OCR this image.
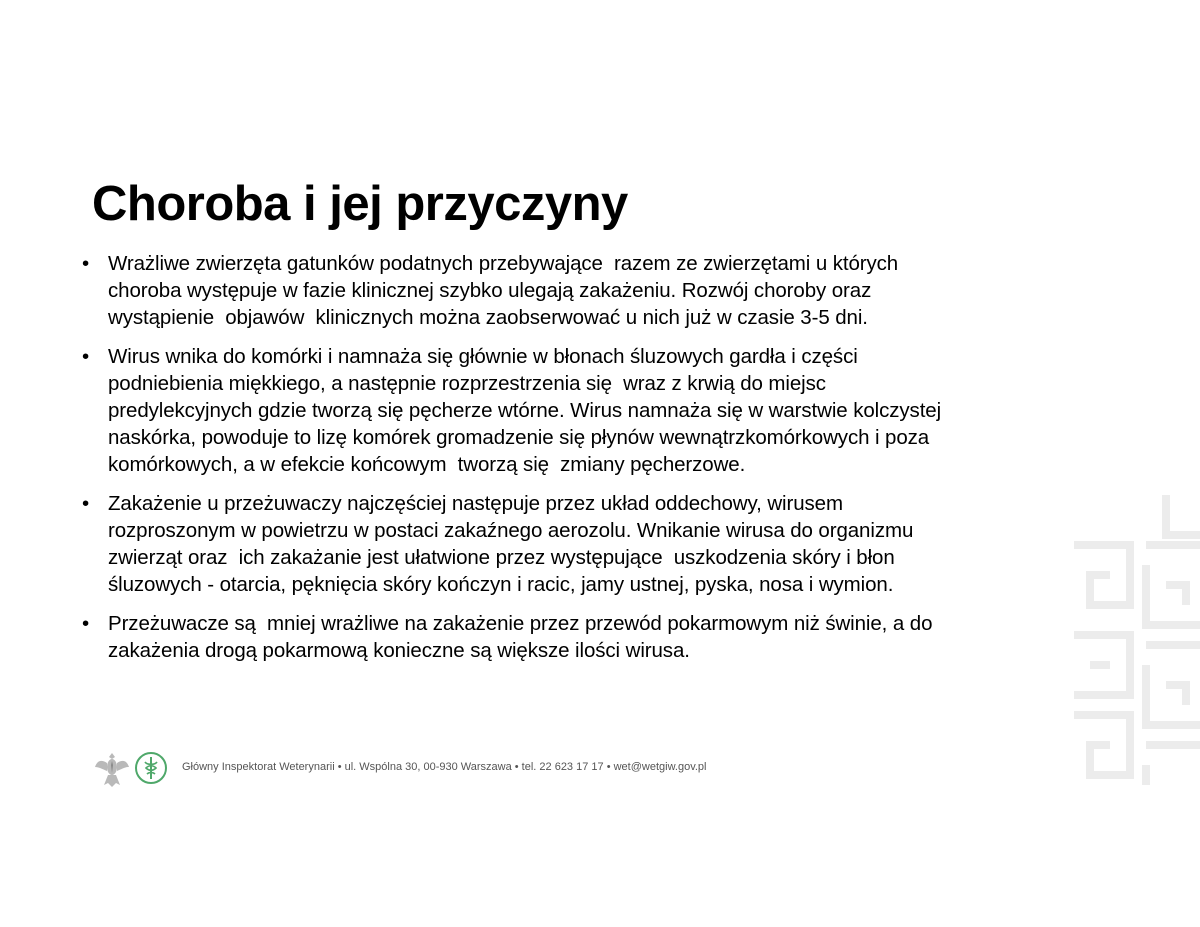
Choroba i jej przyczyny
• Wrażliwe zwierzęta gatunków podatnych przebywające  razem ze zwierzętami u których
choroba występuje w fazie klinicznej szybko ulegają zakażeniu. Rozwój choroby oraz
wystąpienie  objawów  klinicznych można zaobserwować u nich już w czasie 3-5 dni.
• Wirus wnika do komórki i namnaża się głównie w błonach śluzowych gardła i części
podniebienia miękkiego, a następnie rozprzestrzenia się  wraz z krwią do miejsc
predylekcyjnych gdzie tworzą się pęcherze wtórne. Wirus namnaża się w warstwie kolczystej
naskórka, powoduje to lizę komórek gromadzenie się płynów wewnątrzkomórkowych i poza
komórkowych, a w efekcie końcowym  tworzą się  zmiany pęcherzowe.
• Zakażenie u przeżuwaczy najczęściej następuje przez układ oddechowy, wirusem
rozproszonym w powietrzu w postaci zakaźnego aerozolu. Wnikanie wirusa do organizmu
zwierząt oraz  ich zakażanie jest ułatwione przez występujące  uszkodzenia skóry i błon
śluzowych - otarcia, pęknięcia skóry kończyn i racic, jamy ustnej, pyska, nosa i wymion.
• Przeżuwacze są  mniej wrażliwe na zakażenie przez przewód pokarmowym niż świnie, a do
zakażenia drogą pokarmową konieczne są większe ilości wirusa.
Główny Inspektorat Weterynarii • ul. Wspólna 30, 00-930 Warszawa • tel. 22 623 17 17 • wet@wetgiw.gov.pl
